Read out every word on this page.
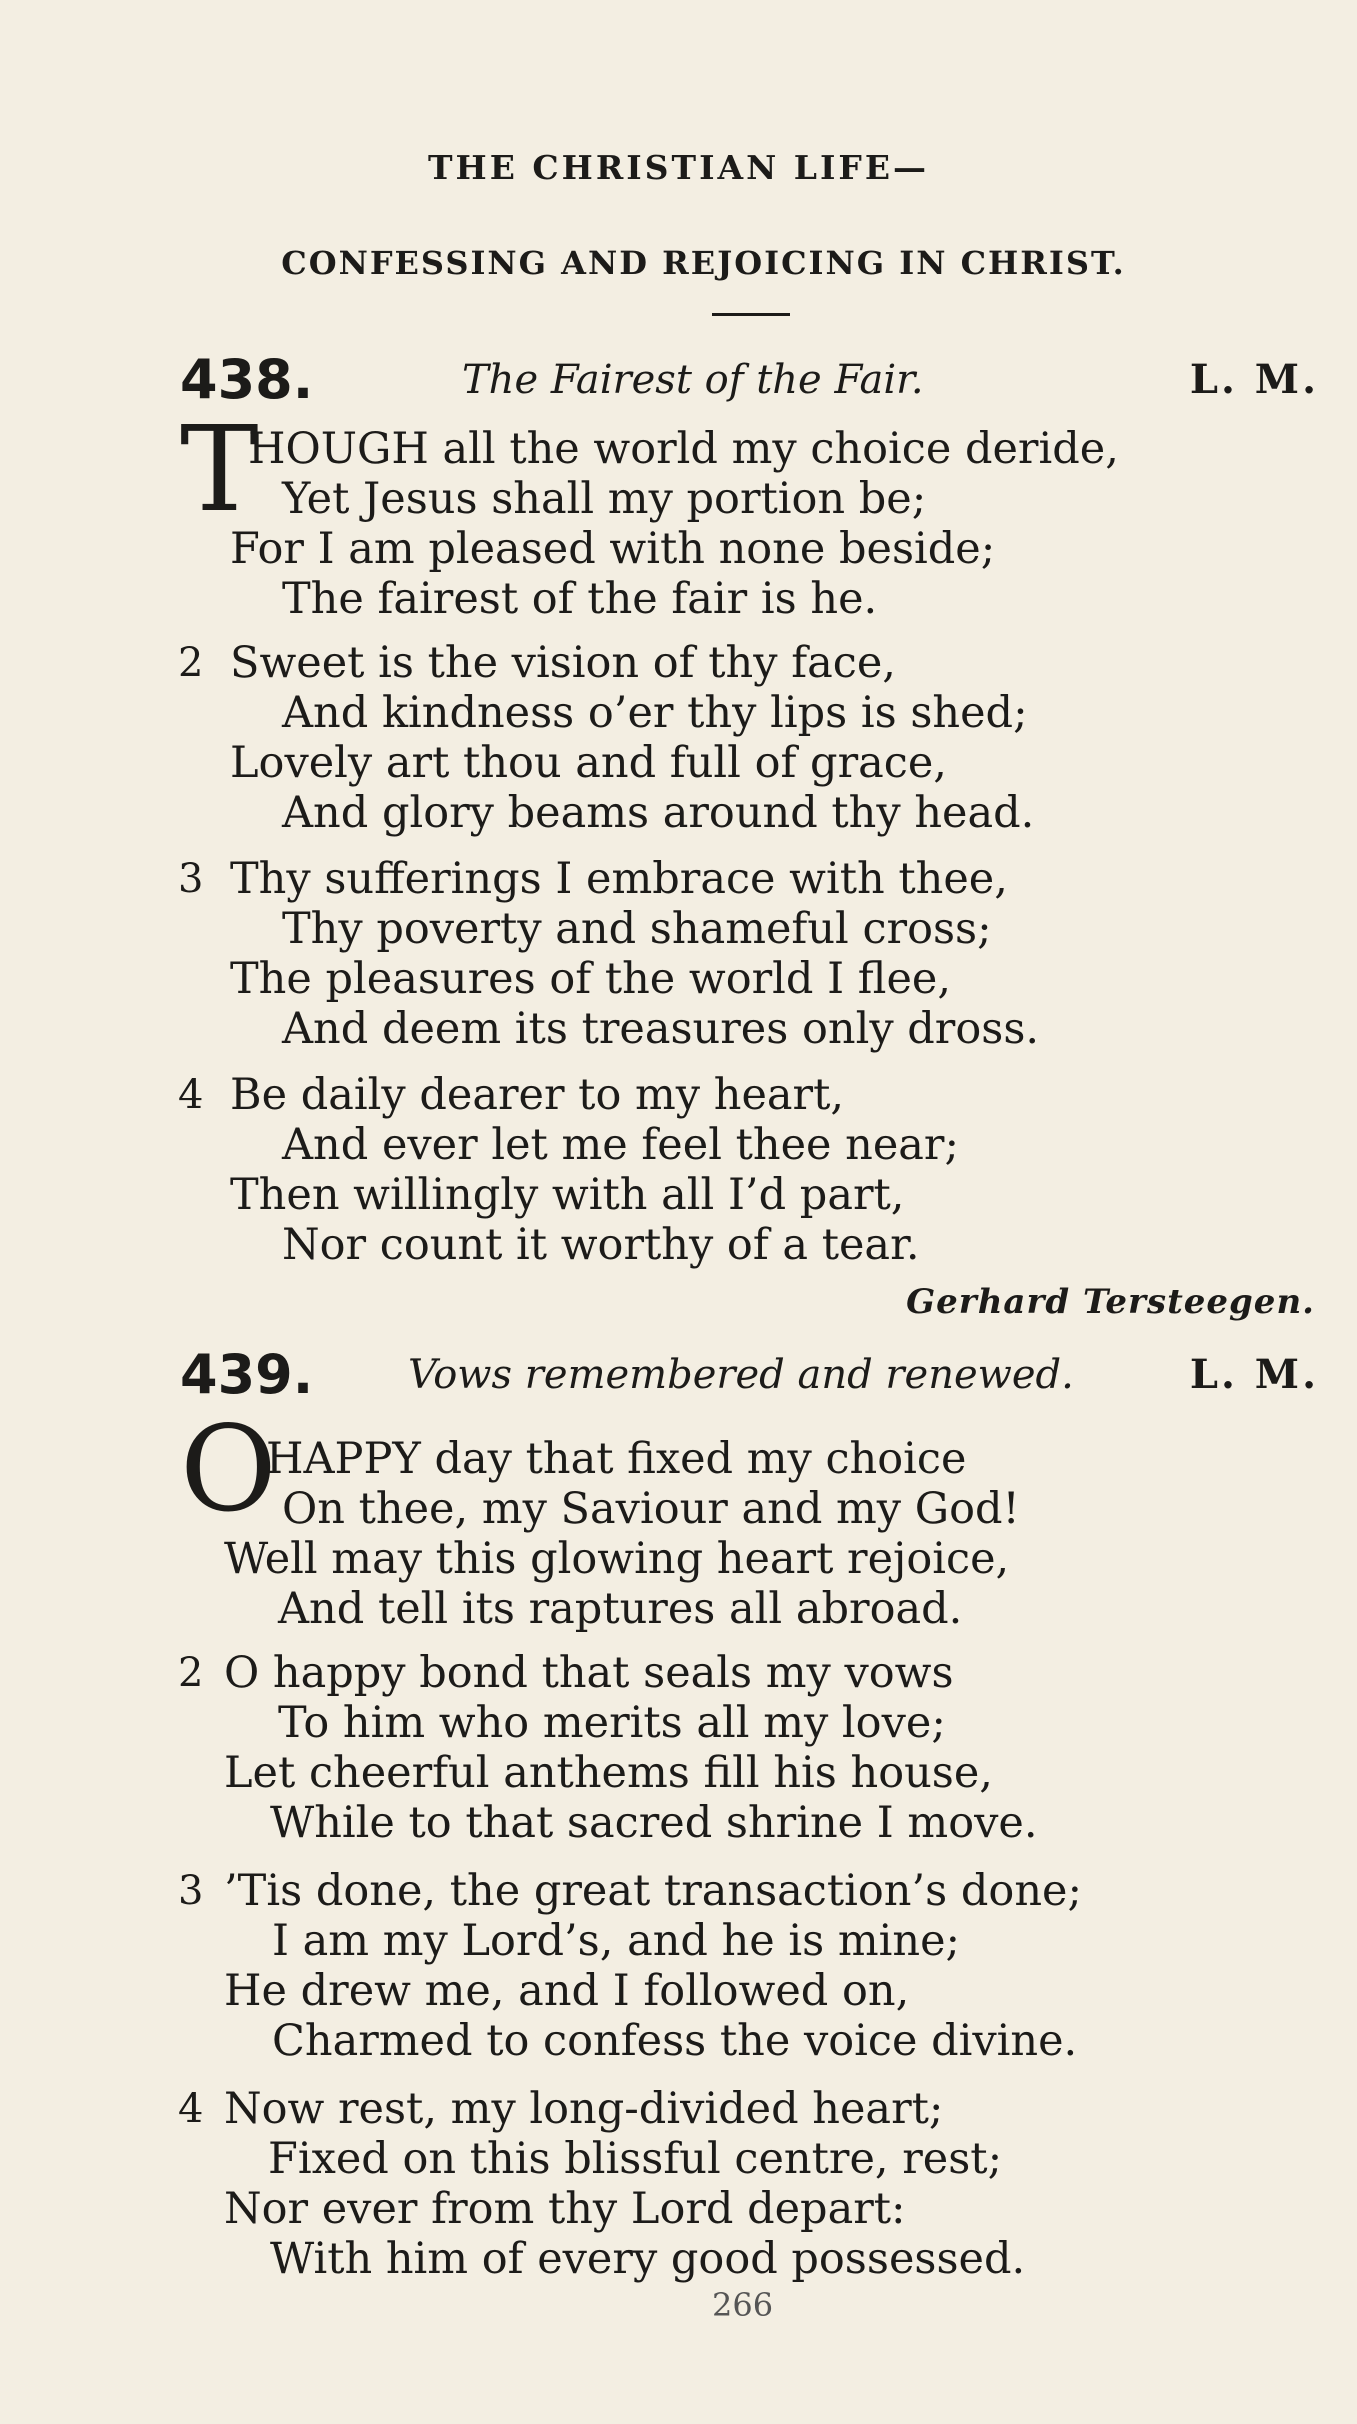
THE CHRISTIAN LIFE—
CONFESSING AND REJOICING IN CHRIST.
438.	The Fairest of the Fair.	L. M.
T
HOUGH all the world my choice deride,
Yet Jesus shall my portion be;
For I am pleased with none beside;
The fairest of the fair is he.
2 Sweet is the vision of thy face,
And kindness o’er thy lips is shed;
Lovely art thou and full of grace,
And glory beams around thy head.
3 Thy sufferings I embrace with thee,
Thy poverty and shameful cross;
The pleasures of the world I flee,
And deem its treasures only dross.
4 Be daily dearer to my heart,
And ever let me feel thee near;
Then willingly with all I’d part,
Nor count it worthy of a tear.
Gerhard Tersteegen.
439. Vows remembered and renewed.	L. M.
O
HAPPY day that fixed my choice
On thee, my Saviour and my God!
Well may this glowing heart rejoice,
And tell its raptures all abroad.
2 O happy bond that seals my vows
To him who merits all my love;
Let cheerful anthems fill his house,
While to that sacred shrine I move.
3 ’Tis done, the great transaction’s done;
I am my Lord’s, and he is mine;
He drew me, and I followed on,
Charmed to confess the voice divine.
4 Now rest, my long-divided heart;
Fixed on this blissful centre, rest;
Nor ever from thy Lord depart:
With him of every good possessed.
266
